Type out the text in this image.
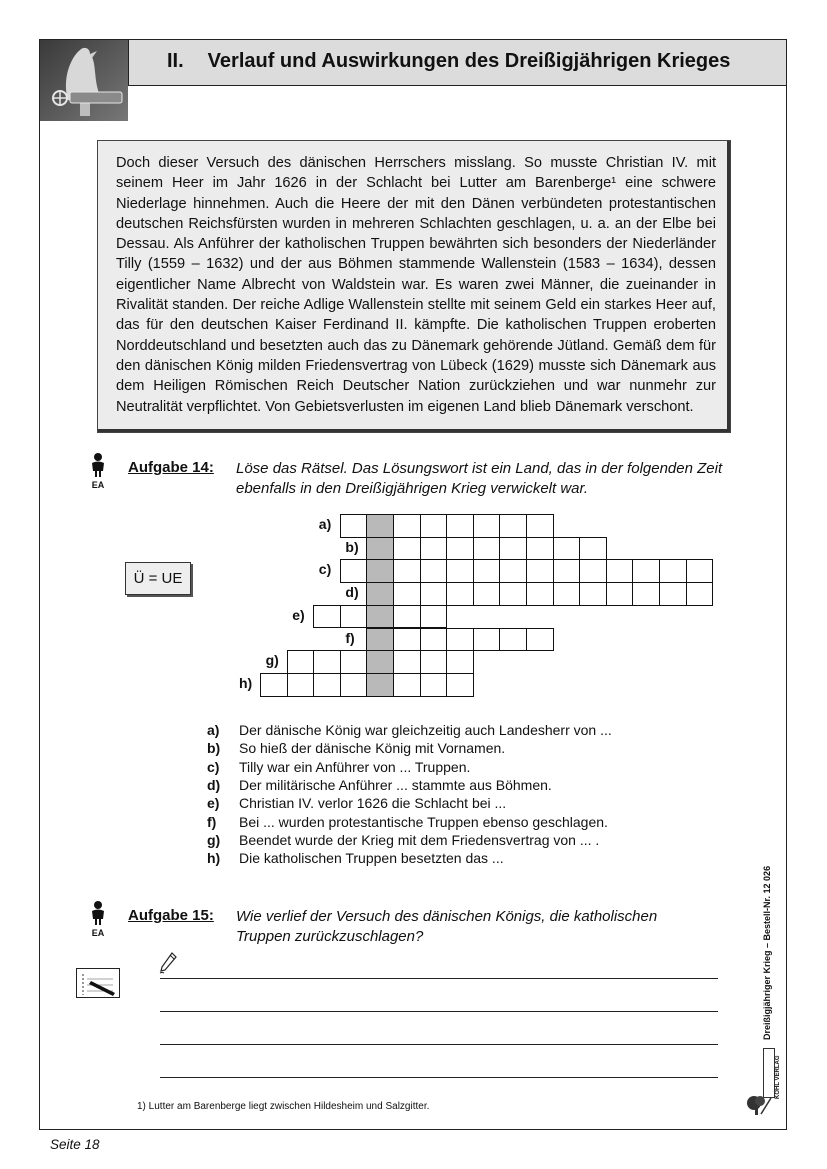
II. Verlauf und Auswirkungen des Dreißigjährigen Krieges

Doch dieser Versuch des dänischen Herrschers misslang. So musste Christian IV. mit seinem Heer im Jahr 1626 in der Schlacht bei Lutter am Barenberge¹ eine schwere Niederlage hinnehmen. Auch die Heere der mit den Dänen verbündeten protestantischen deutschen Reichsfürsten wurden in mehreren Schlachten geschlagen, u. a. an der Elbe bei Dessau. Als Anführer der katholischen Truppen bewährten sich besonders der Niederländer Tilly (1559 – 1632) und der aus Böhmen stammende Wallenstein (1583 – 1634), dessen eigentlicher Name Albrecht von Waldstein war. Es waren zwei Männer, die zueinander in Rivalität standen. Der reiche Adlige Wallenstein stellte mit seinem Geld ein starkes Heer auf, das für den deutschen Kaiser Ferdinand II. kämpfte. Die katholischen Truppen eroberten Norddeutschland und besetzten auch das zu Dänemark gehörende Jütland. Gemäß dem für den dänischen König milden Friedensvertrag von Lübeck (1629) musste sich Dänemark aus dem Heiligen Römischen Reich Deutscher Nation zurückziehen und war nunmehr zur Neutralität verpflichtet. Von Gebietsverlusten im eigenen Land blieb Dänemark verschont.

EA
Aufgabe 14: Löse das Rätsel. Das Lösungswort ist ein Land, das in der folgenden Zeit ebenfalls in den Dreißigjährigen Krieg verwickelt war.
Ü = UE
a)
b)
c)
d)
e)
f)
g)
h)
a) Der dänische König war gleichzeitig auch Landesherr von ...
b) So hieß der dänische König mit Vornamen.
c) Tilly war ein Anführer von ... Truppen.
d) Der militärische Anführer ... stammte aus Böhmen.
e) Christian IV. verlor 1626 die Schlacht bei ...
f) Bei ... wurden protestantische Truppen ebenso geschlagen.
g) Beendet wurde der Krieg mit dem Friedensvertrag von ... .
h) Die katholischen Truppen besetzten das ...
EA
Aufgabe 15: Wie verlief der Versuch des dänischen Königs, die katholischen Truppen zurückzuschlagen?
1) Lutter am Barenberge liegt zwischen Hildesheim und Salzgitter.
Dreißigjähriger Krieg – Bestell-Nr. 12 026
KOHL VERLAG
Seite 18
